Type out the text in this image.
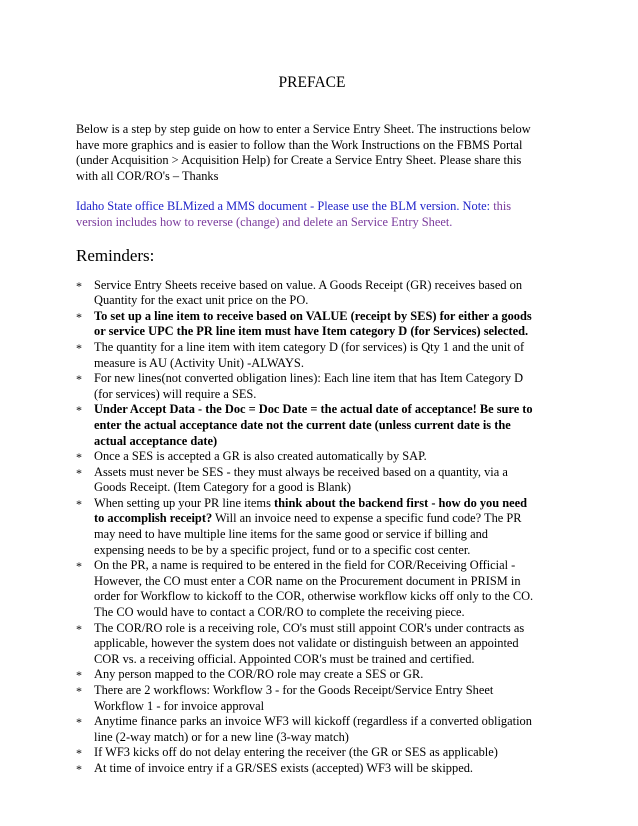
PREFACE

Below is a step by step guide on how to enter a Service Entry Sheet. The instructions below have more graphics and is easier to follow than the Work Instructions on the FBMS Portal (under Acquisition > Acquisition Help) for Create a Service Entry Sheet. Please share this with all COR/RO's – Thanks

Idaho State office BLMized a MMS document - Please use the BLM version. Note: this version includes how to reverse (change) and delete an Service Entry Sheet.

Reminders:
* Service Entry Sheets receive based on value. A Goods Receipt (GR) receives based on Quantity for the exact unit price on the PO.
* To set up a line item to receive based on VALUE (receipt by SES) for either a goods or service UPC the PR line item must have Item category D (for Services) selected.
* The quantity for a line item with item category D (for services) is Qty 1 and the unit of measure is AU (Activity Unit) -ALWAYS.
* For new lines(not converted obligation lines): Each line item that has Item Category D (for services) will require a SES.
* Under Accept Data - the Doc = Doc Date = the actual date of acceptance! Be sure to enter the actual acceptance date not the current date (unless current date is the actual acceptance date)
* Once a SES is accepted a GR is also created automatically by SAP.
* Assets must never be SES - they must always be received based on a quantity, via a Goods Receipt. (Item Category for a good is Blank)
* When setting up your PR line items think about the backend first - how do you need to accomplish receipt? Will an invoice need to expense a specific fund code? The PR may need to have multiple line items for the same good or service if billing and expensing needs to be by a specific project, fund or to a specific cost center.
* On the PR, a name is required to be entered in the field for COR/Receiving Official - However, the CO must enter a COR name on the Procurement document in PRISM in order for Workflow to kickoff to the COR, otherwise workflow kicks off only to the CO. The CO would have to contact a COR/RO to complete the receiving piece.
* The COR/RO role is a receiving role, CO's must still appoint COR's under contracts as applicable, however the system does not validate or distinguish between an appointed COR vs. a receiving official. Appointed COR's must be trained and certified.
* Any person mapped to the COR/RO role may create a SES or GR.
* There are 2 workflows: Workflow 3 - for the Goods Receipt/Service Entry Sheet Workflow 1 - for invoice approval
* Anytime finance parks an invoice WF3 will kickoff (regardless if a converted obligation line (2-way match) or for a new line (3-way match)
* If WF3 kicks off do not delay entering the receiver (the GR or SES as applicable)
* At time of invoice entry if a GR/SES exists (accepted) WF3 will be skipped.
